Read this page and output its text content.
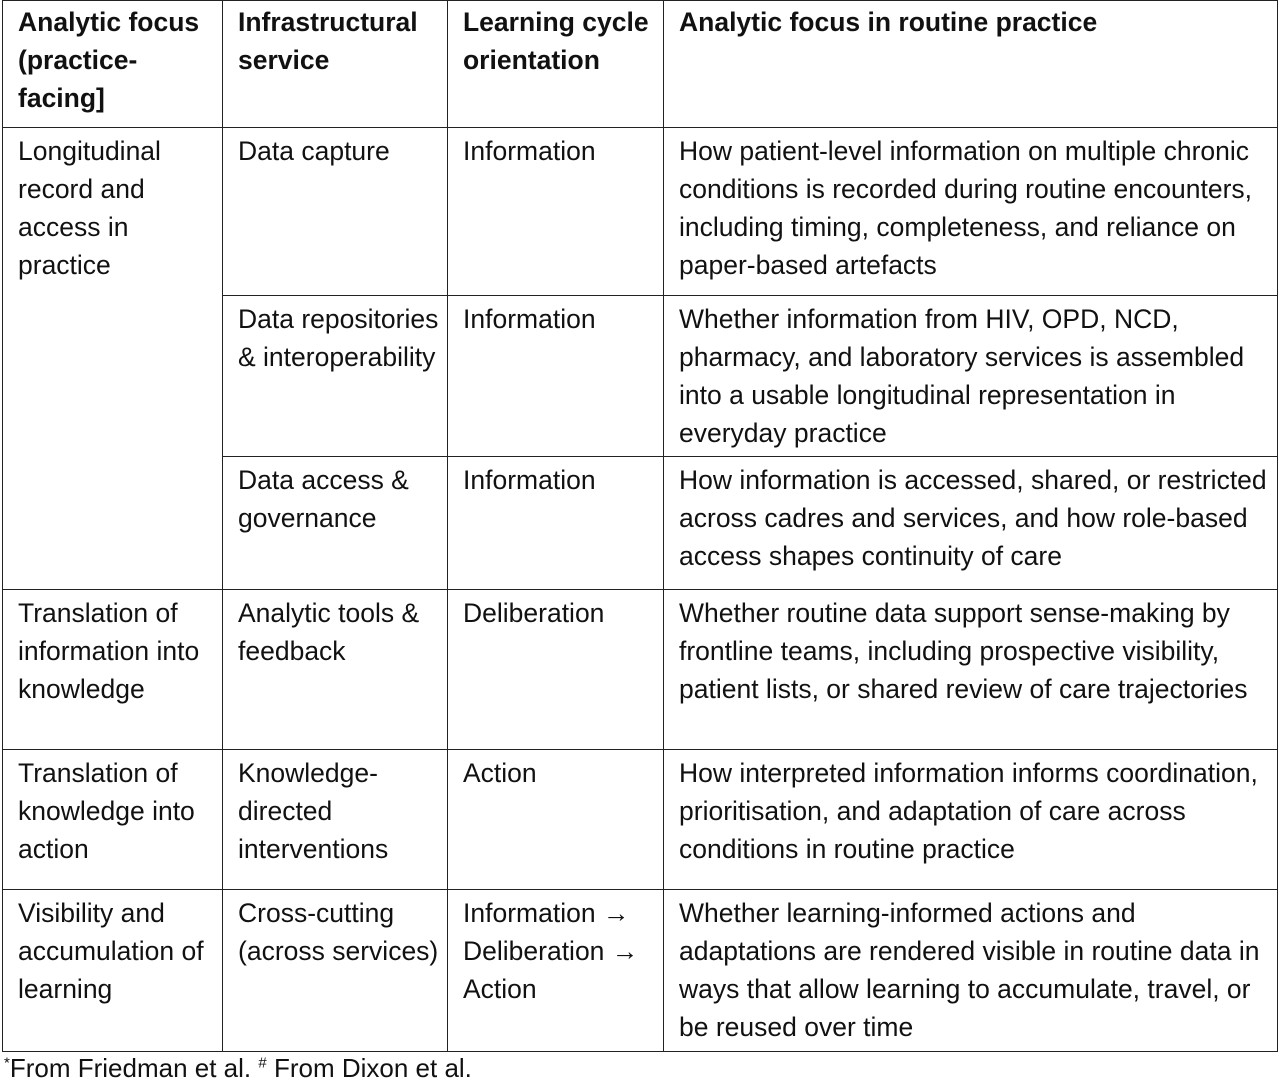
Analytic focus (practice-facing]	Infrastructural service	Learning cycle orientation	Analytic focus in routine practice
Longitudinal record and access in practice	Data capture	Information	How patient-level information on multiple chronic conditions is recorded during routine encounters, including timing, completeness, and reliance on paper-based artefacts
	Data repositories & interoperability	Information	Whether information from HIV, OPD, NCD, pharmacy, and laboratory services is assembled into a usable longitudinal representation in everyday practice
	Data access & governance	Information	How information is accessed, shared, or restricted across cadres and services, and how role-based access shapes continuity of care
Translation of information into knowledge	Analytic tools & feedback	Deliberation	Whether routine data support sense-making by frontline teams, including prospective visibility, patient lists, or shared review of care trajectories
Translation of knowledge into action	Knowledge-directed interventions	Action	How interpreted information informs coordination, prioritisation, and adaptation of care across conditions in routine practice
Visibility and accumulation of learning	Cross-cutting (across services)	Information → Deliberation → Action	Whether learning-informed actions and adaptations are rendered visible in routine data in ways that allow learning to accumulate, travel, or be reused over time
*From Friedman et al. # From Dixon et al.
